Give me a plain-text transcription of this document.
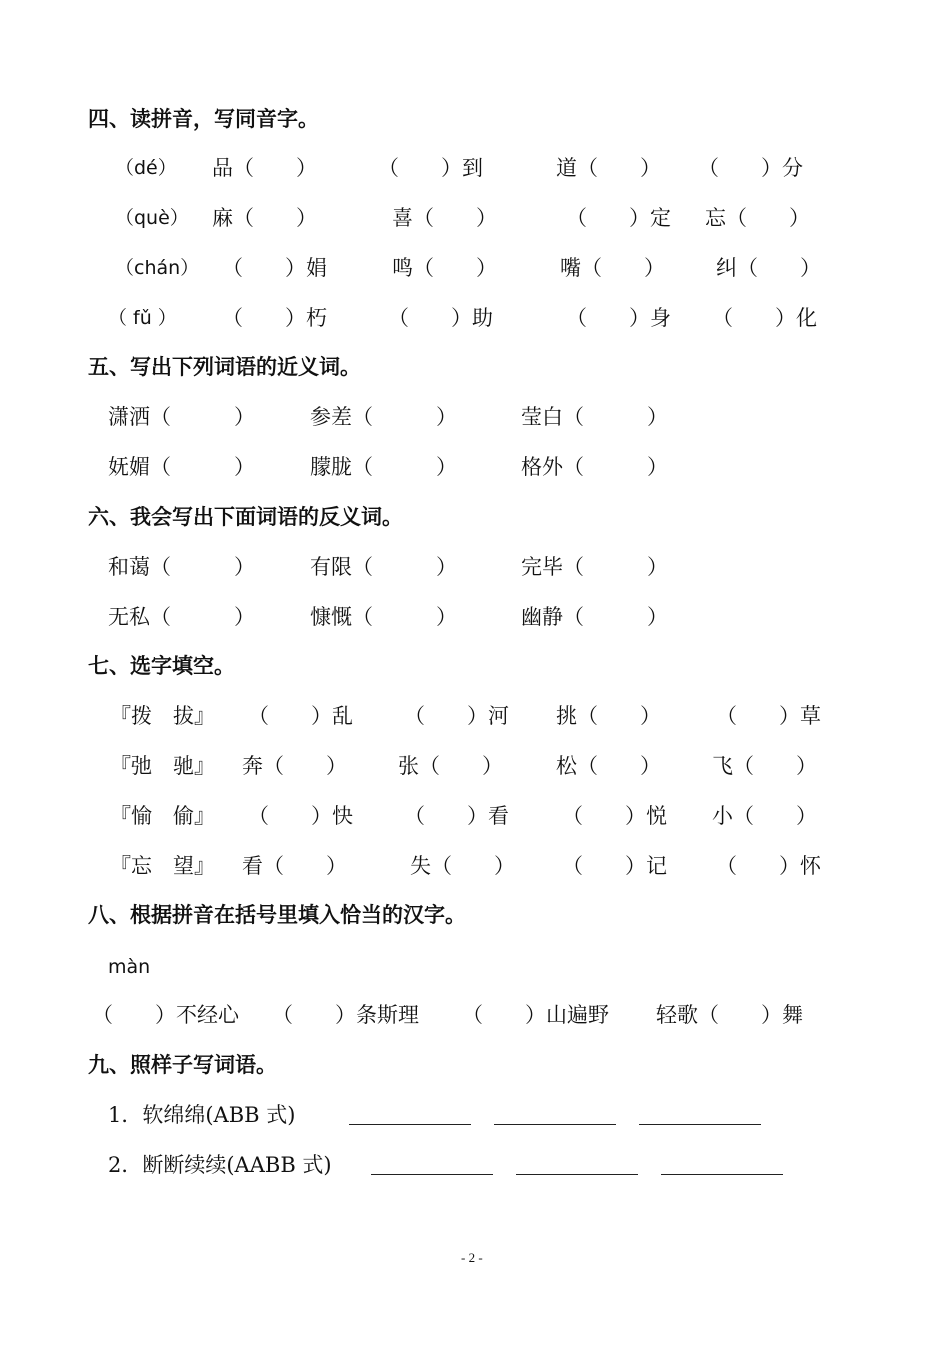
四、读拼音，写同音字。
（dé） 品（　　）	（　　）到	道（　　） （　　）分
（què） 麻（　　）	喜（　　）	（　　）定 忘（　　）
（chán） （　　）娟	鸣（　　）	嘴（　　） 纠（　　）
（ fǔ ） （　　）朽	（　　）助	（　　）身 （　　）化
五、写出下列词语的近义词。
潇洒（　　　）	参差（　　　）	莹白（　　　）
妩媚（　　　）	朦胧（　　　）	格外（　　　）
六、我会写出下面词语的反义词。
和蔼（　　　）	有限（　　　）	完毕（　　　）
无私（　　　）	慷慨（　　　）	幽静（　　　）
七、选字填空。
『拨　拔』 （　　）乱 （　　）河 挑（　　）	（　　）草
『弛　驰』 奔（　　） 张（　　）	松（　　） 飞（　　）
『愉　偷』 （　　）快 （　　）看	（　　）悦 小（　　）
『忘　望』 看（　　）	失（　　） （　　）记 （　　）怀
八、根据拼音在括号里填入恰当的汉字。
màn
（　　）不经心 （　　）条斯理 （　　）山遍野 轻歌（　　）舞
九、照样子写词语。
1．软绵绵(ABB 式)
2．断断续续(AABB 式)
- 2 -
